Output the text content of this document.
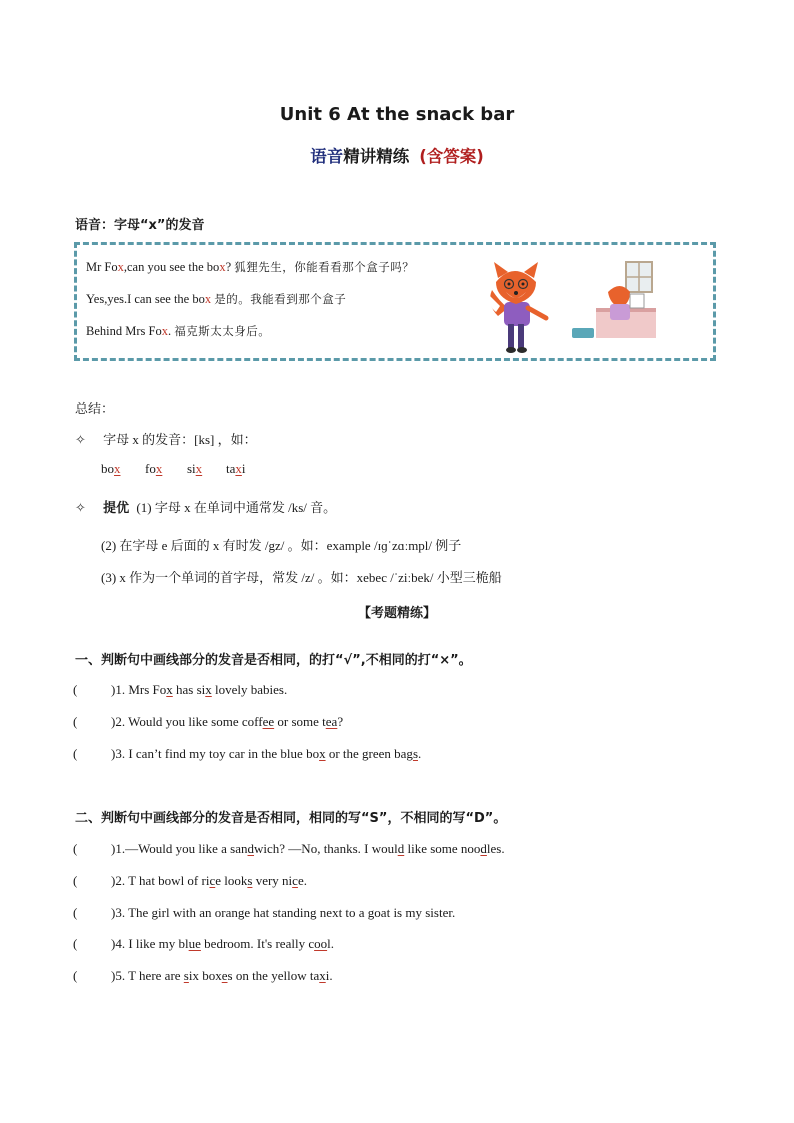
Unit 6 At the snack bar
语音精讲精练 (含答案)
语音：字母“x”的发音
Mr Fox,can you see the box? 狐狸先生，你能看看那个盒子吗？
Yes,yes.I can see the box 是的。我能看到那个盒子
Behind Mrs Fox. 福克斯太太身后。
总结：
✧ 字母 x 的发音：[ks] ，如：
box fox six taxi
✧ 提优 (1) 字母 x 在单词中通常发 /ks/ 音。
(2) 在字母 e 后面的 x 有时发 /gz/ 。如：example /ɪɡˈzɑːmpl/ 例子
(3) x 作为一个单词的首字母，常发 /z/ 。如：xebec /ˈziːbek/ 小型三桅船
【考题精练】
一、判断句中画线部分的发音是否相同，的打“√”,不相同的打“×”。
(	)1. Mrs Fox has six lovely babies.
(	)2. Would you like some coffee or some tea?
(	)3. I can’t find my toy car in the blue box or the green bags.
二、判断句中画线部分的发音是否相同，相同的写“S”，不相同的写“D”。
(	)1.—Would you like a sandwich? —No, thanks. I would like some noodles.
(	)2. T hat bowl of rice looks very nice.
(	)3. The girl with an orange hat standing next to a goat is my sister.
(	)4. I like my blue bedroom. It's really cool.
(	)5. T here are six boxes on the yellow taxi.
